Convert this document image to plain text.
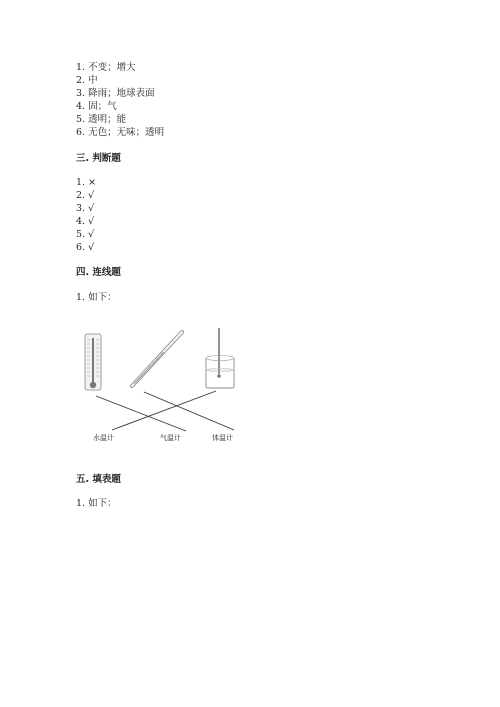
1. 不变；增大
2. 中
3. 降雨；地球表面
4. 固；气
5. 透明；能
6. 无色；无味；透明
三. 判断题
1. ×
2. √
3. √
4. √
5. √
6. √
四. 连线题
1. 如下：
水温计	气温计	体温计
五. 填表题
1. 如下：
